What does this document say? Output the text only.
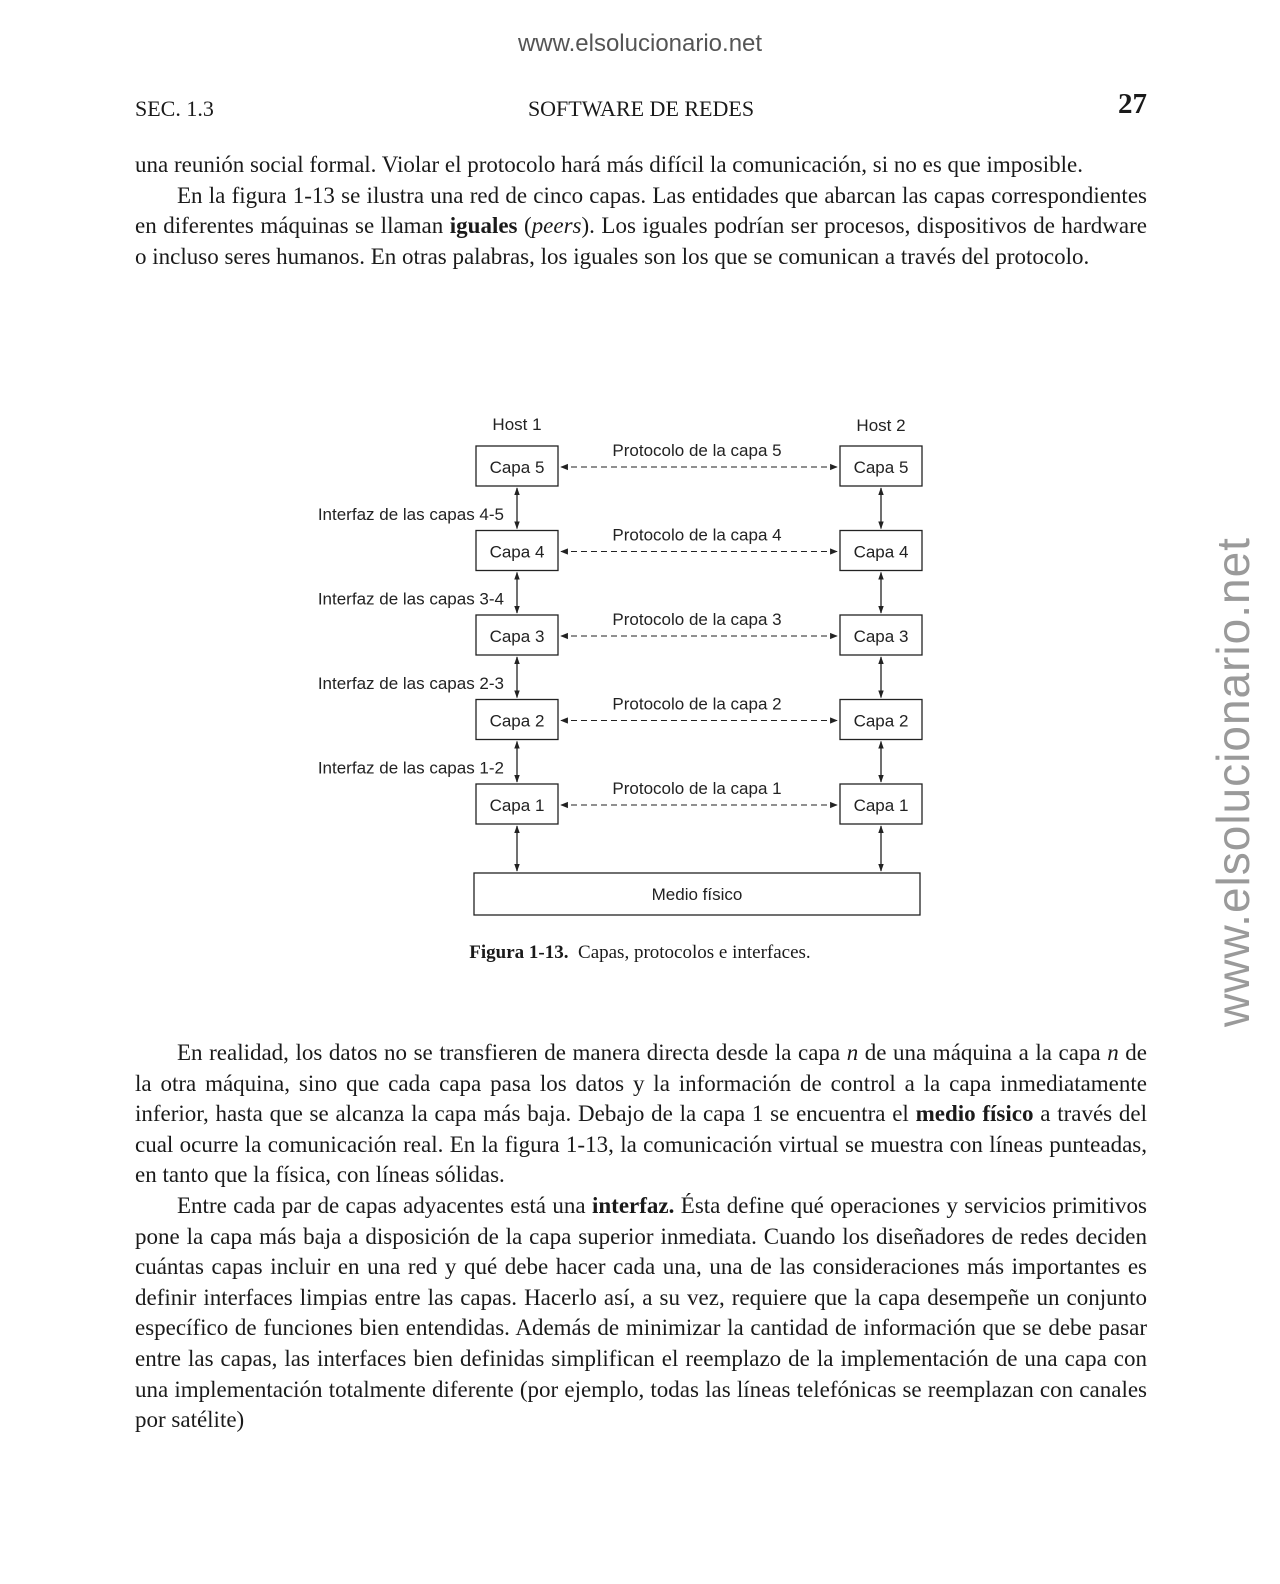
www.elsolucionario.net
www.elsolucionario.net
SEC. 1.3	SOFTWARE DE REDES	27

una reunión social formal. Violar el protocolo hará más difícil la comunicación, si no es que imposible.

En la figura 1-13 se ilustra una red de cinco capas. Las entidades que abarcan las capas correspondientes en diferentes máquinas se llaman iguales (peers). Los iguales podrían ser procesos, dispositivos de hardware o incluso seres humanos. En otras palabras, los iguales son los que se comunican a través del protocolo.

Host 1	Host 2
Capa 5	Capa 5
Protocolo de la capa 5
Capa 4	Capa 4
Protocolo de la capa 4
Capa 3	Capa 3
Protocolo de la capa 3
Capa 2	Capa 2
Protocolo de la capa 2
Capa 1	Capa 1
Protocolo de la capa 1
Interfaz de las capas 4-5
Interfaz de las capas 3-4
Interfaz de las capas 2-3
Interfaz de las capas 1-2
Medio físico
Figura 1-13. Capas, protocolos e interfaces.

En realidad, los datos no se transfieren de manera directa desde la capa n de una máquina a la capa n de la otra máquina, sino que cada capa pasa los datos y la información de control a la capa inmediatamente inferior, hasta que se alcanza la capa más baja. Debajo de la capa 1 se encuentra el medio físico a través del cual ocurre la comunicación real. En la figura 1-13, la comunicación virtual se muestra con líneas punteadas, en tanto que la física, con líneas sólidas.

Entre cada par de capas adyacentes está una interfaz. Ésta define qué operaciones y servicios primitivos pone la capa más baja a disposición de la capa superior inmediata. Cuando los diseñadores de redes deciden cuántas capas incluir en una red y qué debe hacer cada una, una de las consideraciones más importantes es definir interfaces limpias entre las capas. Hacerlo así, a su vez, requiere que la capa desempeñe un conjunto específico de funciones bien entendidas. Además de minimizar la cantidad de información que se debe pasar entre las capas, las interfaces bien definidas simplifican el reemplazo de la implementación de una capa con una implementación totalmente diferente (por ejemplo, todas las líneas telefónicas se reemplazan con canales por satélite)
